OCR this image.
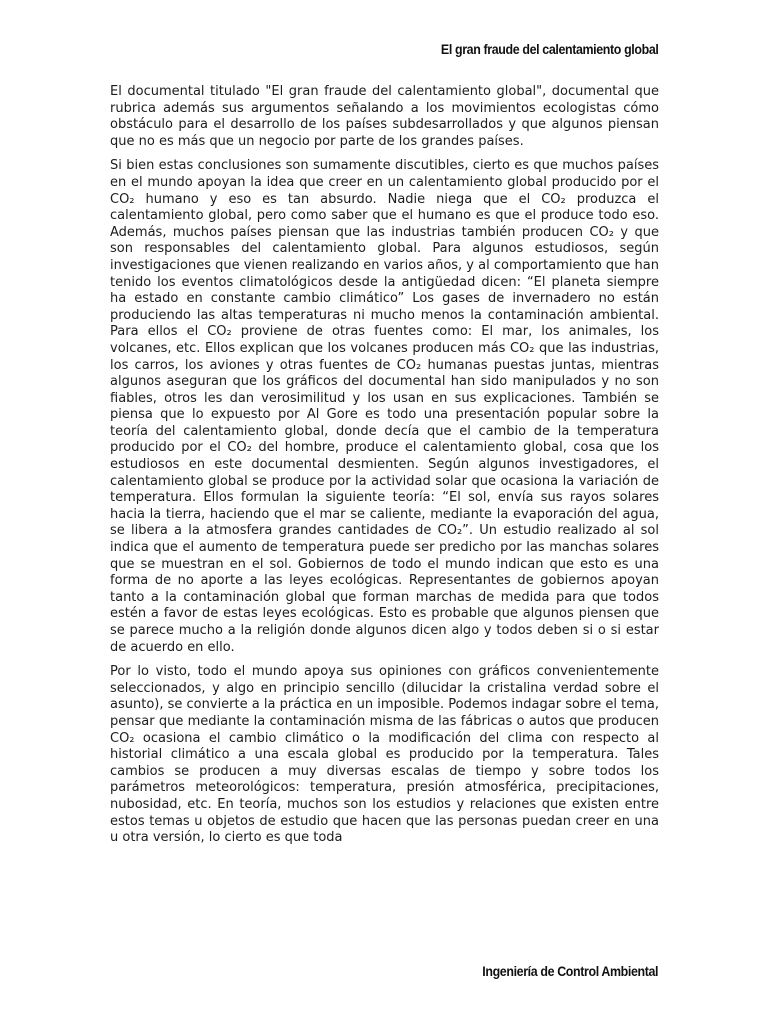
El gran fraude del calentamiento global

El documental titulado "El gran fraude del calentamiento global", documental que rubrica además sus argumentos señalando a los movimientos ecologistas cómo obstáculo para el desarrollo de los países subdesarrollados y que algunos piensan que no es más que un negocio por parte de los grandes países.

Si bien estas conclusiones son sumamente discutibles, cierto es que muchos países en el mundo apoyan la idea que creer en un calentamiento global producido por el CO₂ humano y eso es tan absurdo. Nadie niega que el CO₂ produzca el calentamiento global, pero como saber que el humano es que el produce todo eso. Además, muchos países piensan que las industrias también producen CO₂ y que son responsables del calentamiento global. Para algunos estudiosos, según investigaciones que vienen realizando en varios años, y al comportamiento que han tenido los eventos climatológicos desde la antigüedad dicen: “El planeta siempre ha estado en constante cambio climático” Los gases de invernadero no están produciendo las altas temperaturas ni mucho menos la contaminación ambiental. Para ellos el CO₂ proviene de otras fuentes como: El mar, los animales, los volcanes, etc. Ellos explican que los volcanes producen más CO₂ que las industrias, los carros, los aviones y otras fuentes de CO₂ humanas puestas juntas, mientras algunos aseguran que los gráficos del documental han sido manipulados y no son fiables, otros les dan verosimilitud y los usan en sus explicaciones. También se piensa que lo expuesto por Al Gore es todo una presentación popular sobre la teoría del calentamiento global, donde decía que el cambio de la temperatura producido por el CO₂ del hombre, produce el calentamiento global, cosa que los estudiosos en este documental desmienten. Según algunos investigadores, el calentamiento global se produce por la actividad solar que ocasiona la variación de temperatura. Ellos formulan la siguiente teoría: “El sol, envía sus rayos solares hacia la tierra, haciendo que el mar se caliente, mediante la evaporación del agua, se libera a la atmosfera grandes cantidades de CO₂”. Un estudio realizado al sol indica que el aumento de temperatura puede ser predicho por las manchas solares que se muestran en el sol. Gobiernos de todo el mundo indican que esto es una forma de no aporte a las leyes ecológicas. Representantes de gobiernos apoyan tanto a la contaminación global que forman marchas de medida para que todos estén a favor de estas leyes ecológicas. Esto es probable que algunos piensen que se parece mucho a la religión donde algunos dicen algo y todos deben si o si estar de acuerdo en ello.

Por lo visto, todo el mundo apoya sus opiniones con gráficos convenientemente seleccionados, y algo en principio sencillo (dilucidar la cristalina verdad sobre el asunto), se convierte a la práctica en un imposible. Podemos indagar sobre el tema, pensar que mediante la contaminación misma de las fábricas o autos que producen CO₂ ocasiona el cambio climático o la modificación del clima con respecto al historial climático a una escala global es producido por la temperatura. Tales cambios se producen a muy diversas escalas de tiempo y sobre todos los parámetros meteorológicos: temperatura, presión atmosférica, precipitaciones, nubosidad, etc. En teoría, muchos son los estudios y relaciones que existen entre estos temas u objetos de estudio que hacen que las personas puedan creer en una u otra versión, lo cierto es que toda

Ingeniería de Control Ambiental
